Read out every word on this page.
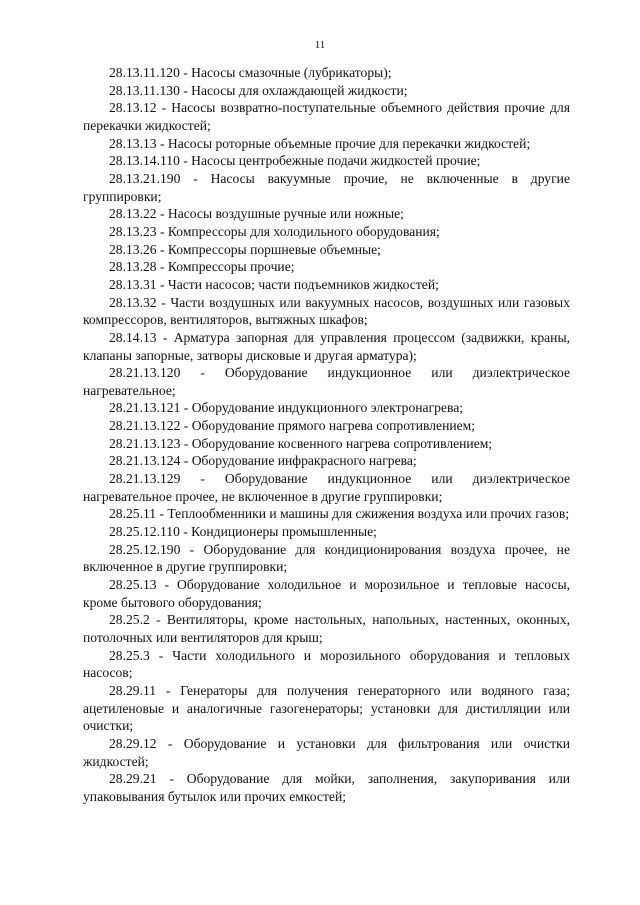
11

28.13.11.120 - Насосы смазочные (лубрикаторы);

28.13.11.130 - Насосы для охлаждающей жидкости;

28.13.12 - Насосы возвратно-поступательные объемного действия прочие для перекачки жидкостей;

28.13.13 - Насосы роторные объемные прочие для перекачки жидкостей;

28.13.14.110 - Насосы центробежные подачи жидкостей прочие;

28.13.21.190 - Насосы вакуумные прочие, не включенные в другие группировки;

28.13.22 - Насосы воздушные ручные или ножные;

28.13.23 - Компрессоры для холодильного оборудования;

28.13.26 - Компрессоры поршневые объемные;

28.13.28 - Компрессоры прочие;

28.13.31 - Части насосов; части подъемников жидкостей;

28.13.32 - Части воздушных или вакуумных насосов, воздушных или газовых компрессоров, вентиляторов, вытяжных шкафов;

28.14.13 - Арматура запорная для управления процессом (задвижки, краны, клапаны запорные, затворы дисковые и другая арматура);

28.21.13.120 - Оборудование индукционное или диэлектрическое нагревательное;

28.21.13.121 - Оборудование индукционного электронагрева;

28.21.13.122 - Оборудование прямого нагрева сопротивлением;

28.21.13.123 - Оборудование косвенного нагрева сопротивлением;

28.21.13.124 - Оборудование инфракрасного нагрева;

28.21.13.129 - Оборудование индукционное или диэлектрическое нагревательное прочее, не включенное в другие группировки;

28.25.11 - Теплообменники и машины для сжижения воздуха или прочих газов;

28.25.12.110 - Кондиционеры промышленные;

28.25.12.190 - Оборудование для кондиционирования воздуха прочее, не включенное в другие группировки;

28.25.13 - Оборудование холодильное и морозильное и тепловые насосы, кроме бытового оборудования;

28.25.2 - Вентиляторы, кроме настольных, напольных, настенных, оконных, потолочных или вентиляторов для крыш;

28.25.3 - Части холодильного и морозильного оборудования и тепловых насосов;

28.29.11 - Генераторы для получения генераторного или водяного газа; ацетиленовые и аналогичные газогенераторы; установки для дистилляции или очистки;

28.29.12 - Оборудование и установки для фильтрования или очистки жидкостей;

28.29.21 - Оборудование для мойки, заполнения, закупоривания или упаковывания бутылок или прочих емкостей;
